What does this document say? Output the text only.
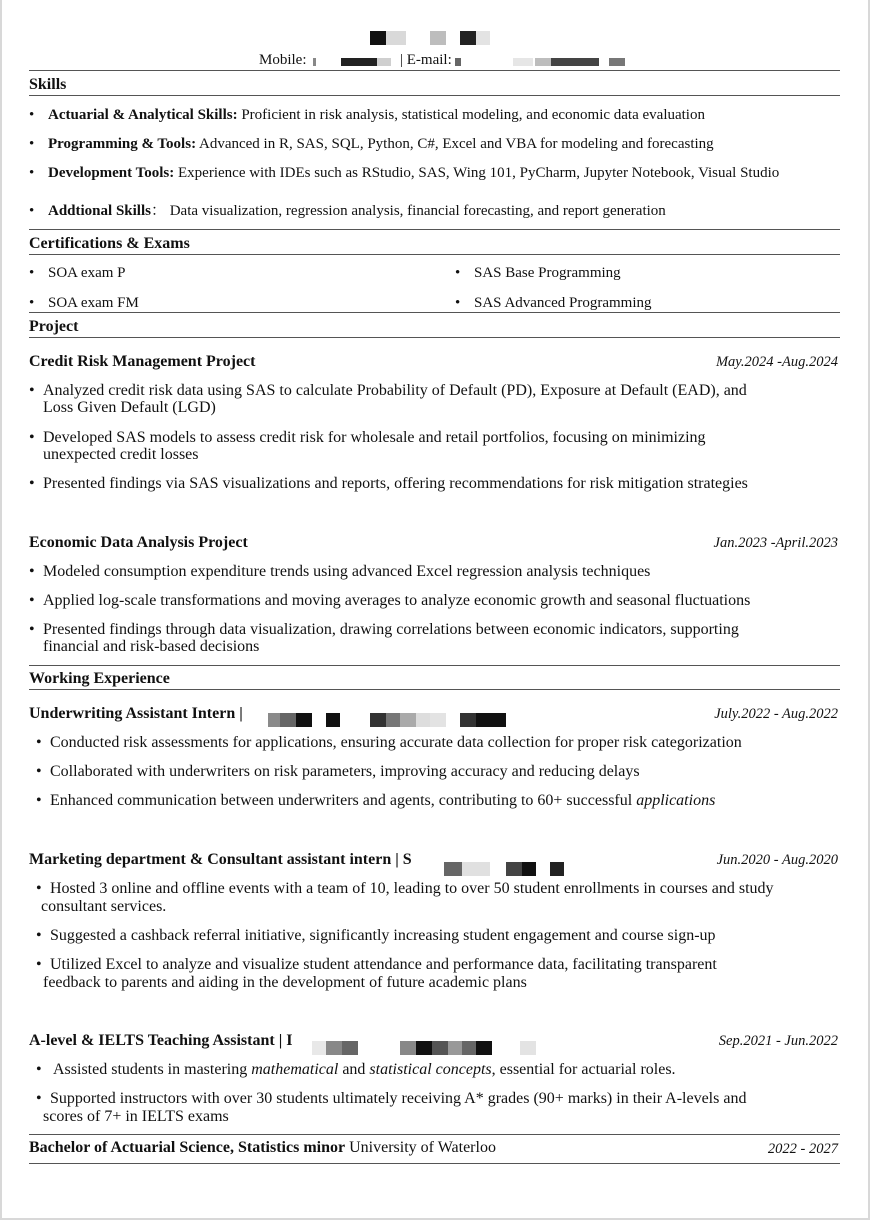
Mobile:	| E-mail:
Skills
• Actuarial & Analytical Skills: Proficient in risk analysis, statistical modeling, and economic data evaluation
• Programming & Tools: Advanced in R, SAS, SQL, Python, C#, Excel and VBA for modeling and forecasting
• Development Tools: Experience with IDEs such as RStudio, SAS, Wing 101, PyCharm, Jupyter Notebook, Visual Studio
• Addtional Skills： Data visualization, regression analysis, financial forecasting, and report generation
Certifications & Exams
• SOA exam P	• SAS Base Programming
• SOA exam FM	• SAS Advanced Programming
Project
Credit Risk Management Project	May.2024 -Aug.2024
• Analyzed credit risk data using SAS to calculate Probability of Default (PD), Exposure at Default (EAD), and
Loss Given Default (LGD)
• Developed SAS models to assess credit risk for wholesale and retail portfolios, focusing on minimizing
unexpected credit losses
• Presented findings via SAS visualizations and reports, offering recommendations for risk mitigation strategies
Economic Data Analysis Project	Jan.2023 -April.2023
• Modeled consumption expenditure trends using advanced Excel regression analysis techniques
• Applied log-scale transformations and moving averages to analyze economic growth and seasonal fluctuations
• Presented findings through data visualization, drawing correlations between economic indicators, supporting
financial and risk-based decisions
Working Experience
Underwriting Assistant Intern |	July.2022 - Aug.2022
• Conducted risk assessments for applications, ensuring accurate data collection for proper risk categorization
• Collaborated with underwriters on risk parameters, improving accuracy and reducing delays
• Enhanced communication between underwriters and agents, contributing to 60+ successful applications
Marketing department & Consultant assistant intern | S	Jun.2020 - Aug.2020
• Hosted 3 online and offline events with a team of 10, leading to over 50 student enrollments in courses and study
consultant services.
• Suggested a cashback referral initiative, significantly increasing student engagement and course sign-up
• Utilized Excel to analyze and visualize student attendance and performance data, facilitating transparent
feedback to parents and aiding in the development of future academic plans
A-level & IELTS Teaching Assistant | I	Sep.2021 - Jun.2022
• Assisted students in mastering mathematical and statistical concepts, essential for actuarial roles.
• Supported instructors with over 30 students ultimately receiving A* grades (90+ marks) in their A-levels and
scores of 7+ in IELTS exams
Bachelor of Actuarial Science, Statistics minor University of Waterloo	2022 - 2027
